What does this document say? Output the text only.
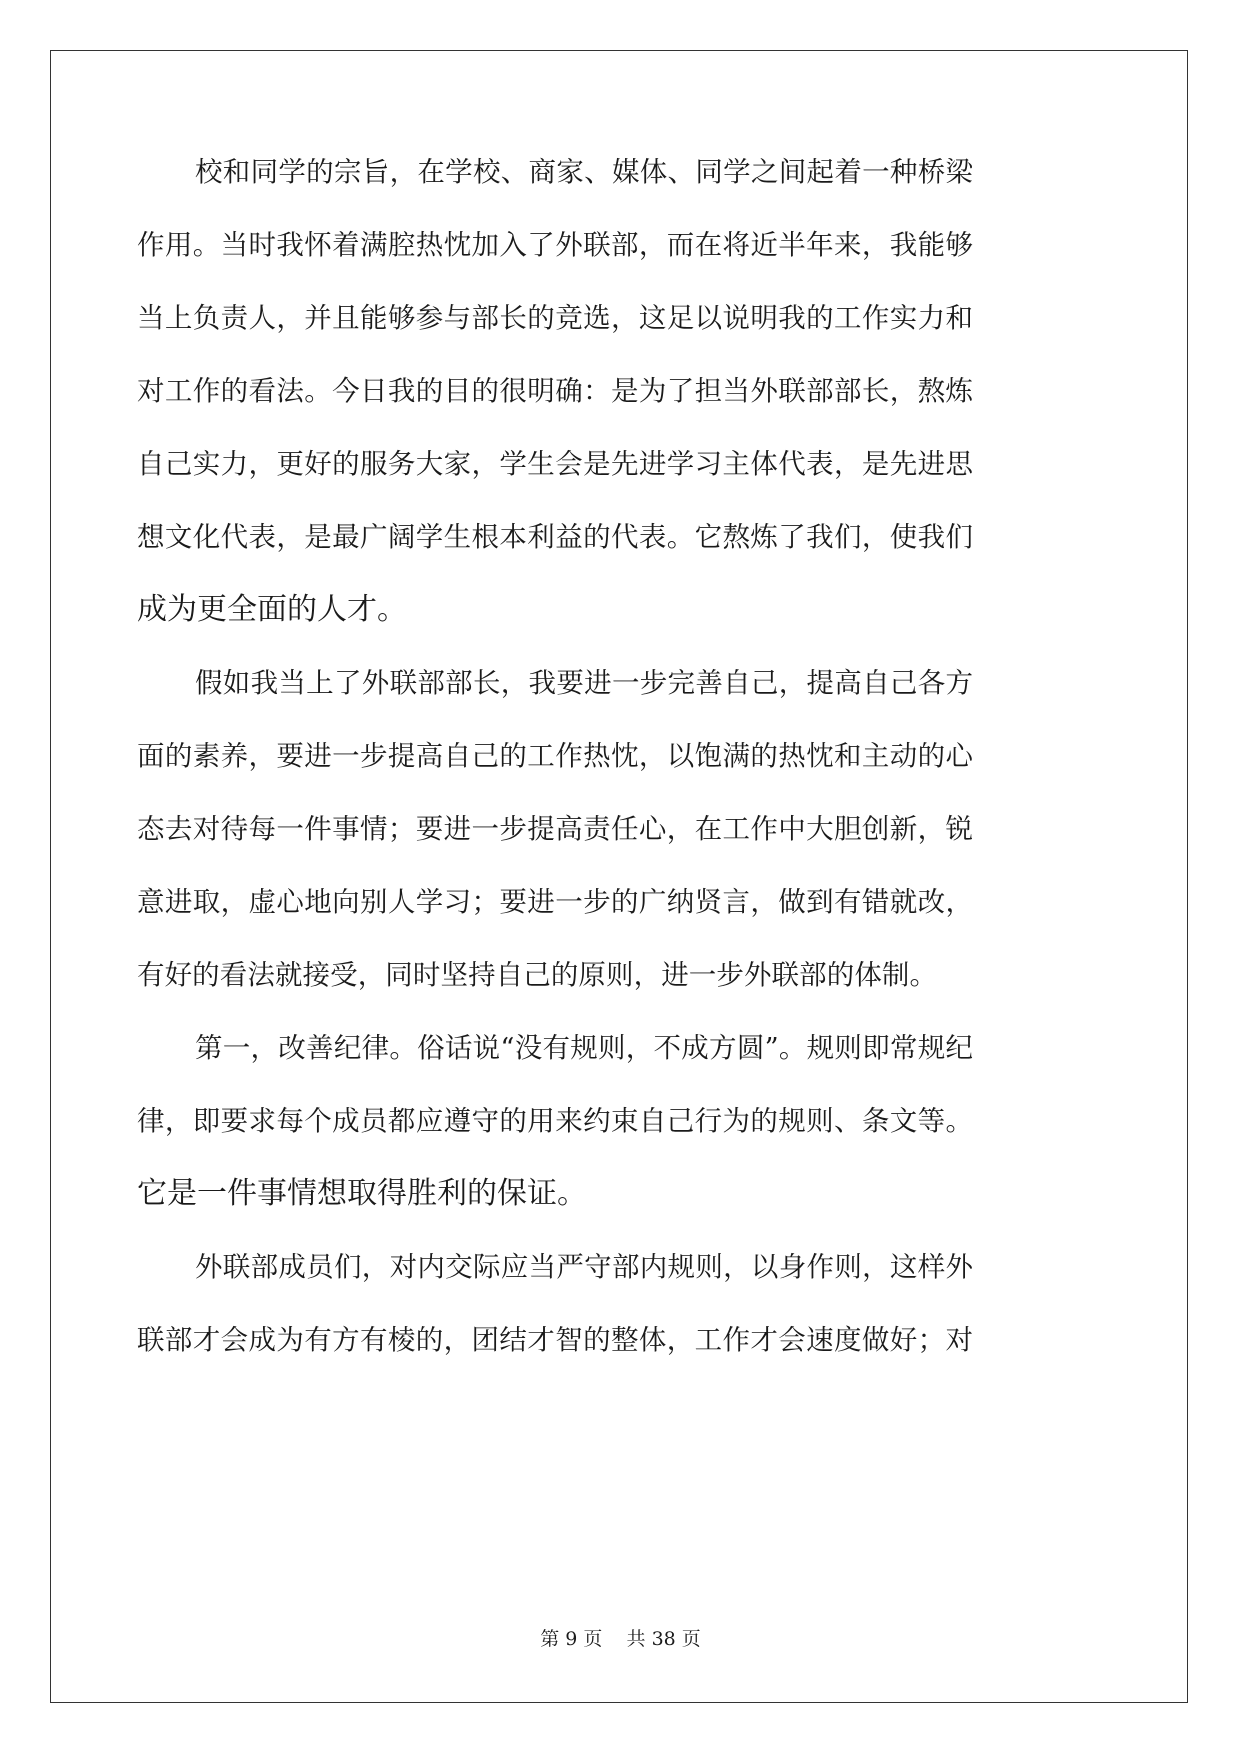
校和同学的宗旨，在学校、商家、媒体、同学之间起着一种桥梁
作用。当时我怀着满腔热忱加入了外联部，而在将近半年来，我能够
当上负责人，并且能够参与部长的竞选，这足以说明我的工作实力和
对工作的看法。今日我的目的很明确：是为了担当外联部部长，熬炼
自己实力，更好的服务大家，学生会是先进学习主体代表，是先进思
想文化代表，是最广阔学生根本利益的代表。它熬炼了我们，使我们
成为更全面的人才。
假如我当上了外联部部长，我要进一步完善自己，提高自己各方
面的素养，要进一步提高自己的工作热忱，以饱满的热忱和主动的心
态去对待每一件事情；要进一步提高责任心，在工作中大胆创新，锐
意进取，虚心地向别人学习；要进一步的广纳贤言，做到有错就改，
有好的看法就接受，同时坚持自己的原则，进一步外联部的体制。
第一，改善纪律。俗话说“没有规则，不成方圆”。规则即常规纪
律，即要求每个成员都应遵守的用来约束自己行为的规则、条文等。
它是一件事情想取得胜利的保证。
外联部成员们，对内交际应当严守部内规则，以身作则，这样外
联部才会成为有方有棱的，团结才智的整体，工作才会速度做好；对
第 9 页    共 38 页
